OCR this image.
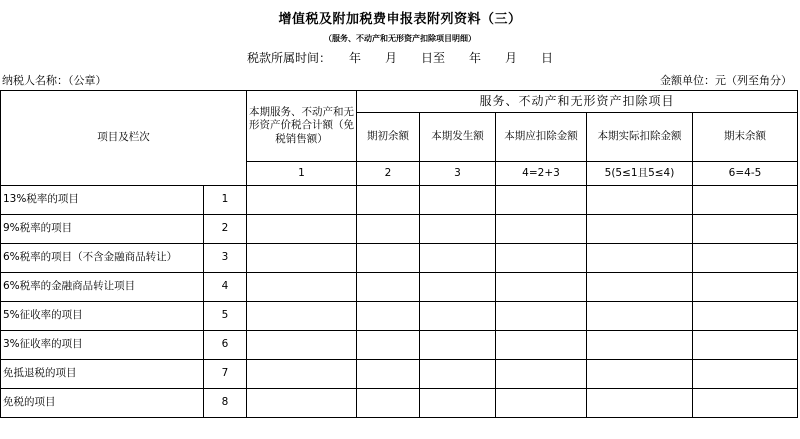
增值税及附加税费申报表附列资料（三）
（服务、不动产和无形资产扣除项目明细）
税款所属时间：　　年　　月　　日至　　年　　月　　日
纳税人名称：（公章）	金额单位：元（列至角分）
项目及栏次		本期服务、不动产和无形资产价税合计额（免税销售额）	服务、不动产和无形资产扣除项目				
			期初余额	本期发生额	本期应扣除金额	本期实际扣除金额	期末余额
		1	2	3	4=2+3	5(5≤1且5≤4)	6=4-5
13%税率的项目	1						
9%税率的项目	2						
6%税率的项目（不含金融商品转让）	3						
6%税率的金融商品转让项目	4						
5%征收率的项目	5						
3%征收率的项目	6						
免抵退税的项目	7						
免税的项目	8						
